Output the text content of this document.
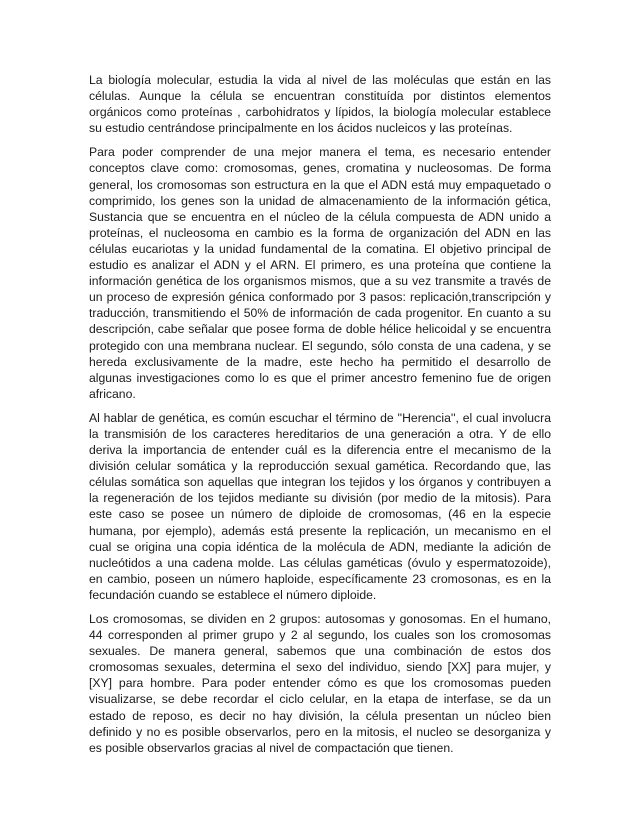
La biología molecular, estudia la vida al nivel de las moléculas que están en las células. Aunque la célula se encuentran constituída por distintos elementos orgánicos como proteínas , carbohidratos y lípidos, la biología molecular establece su estudio centrándose principalmente en los ácidos nucleicos y las proteínas.

Para poder comprender de una mejor manera el tema, es necesario entender conceptos clave como: cromosomas, genes, cromatina y nucleosomas. De forma general, los cromosomas son estructura en la que el ADN está muy empaquetado o comprimido, los genes son la unidad de almacenamiento de la información gética, Sustancia que se encuentra en el núcleo de la célula compuesta de ADN unido a proteínas, el nucleosoma en cambio es la forma de organización del ADN en las células eucariotas y la unidad fundamental de la comatina. El objetivo principal de estudio es analizar el ADN y el ARN. El primero, es una proteína que contiene la información genética de los organismos mismos, que a su vez transmite a través de un proceso de expresión génica conformado por 3 pasos: replicación,transcripción y traducción, transmitiendo el 50% de información de cada progenitor. En cuanto a su descripción, cabe señalar que posee forma de doble hélice helicoidal y se encuentra protegido con una membrana nuclear. El segundo, sólo consta de una cadena, y se hereda exclusivamente de la madre, este hecho ha permitido el desarrollo de algunas investigaciones como lo es que el primer ancestro femenino fue de origen africano.

Al hablar de genética, es común escuchar el término de ''Herencia'', el cual involucra la transmisión de los caracteres hereditarios de una generación a otra. Y de ello deriva la importancia de entender cuál es la diferencia entre el mecanismo de la división celular somática y la reproducción sexual gamética. Recordando que, las células somática son aquellas que integran los tejidos y los órganos y contribuyen a la regeneración de los tejidos mediante su división (por medio de la mitosis). Para este caso se posee un número de diploide de cromosomas, (46 en la especie humana, por ejemplo), además está presente la replicación, un mecanismo en el cual se origina una copia idéntica de la molécula de ADN, mediante la adición de nucleótidos a una cadena molde. Las células gaméticas (óvulo y espermatozoide), en cambio, poseen un número haploide, específicamente 23 cromosonas, es en la fecundación cuando se establece el número diploide.

Los cromosomas, se dividen en 2 grupos: autosomas y gonosomas. En el humano, 44 corresponden al primer grupo y 2 al segundo, los cuales son los cromosomas sexuales. De manera general, sabemos que una combinación de estos dos cromosomas sexuales, determina el sexo del individuo, siendo [XX] para mujer, y [XY] para hombre. Para poder entender cómo es que los cromosomas pueden visualizarse, se debe recordar el ciclo celular, en la etapa de interfase, se da un estado de reposo, es decir no hay división, la célula presentan un núcleo bien definido y no es posible observarlos, pero en la mitosis, el nucleo se desorganiza y es posible observarlos gracias al nivel de compactación que tienen.
